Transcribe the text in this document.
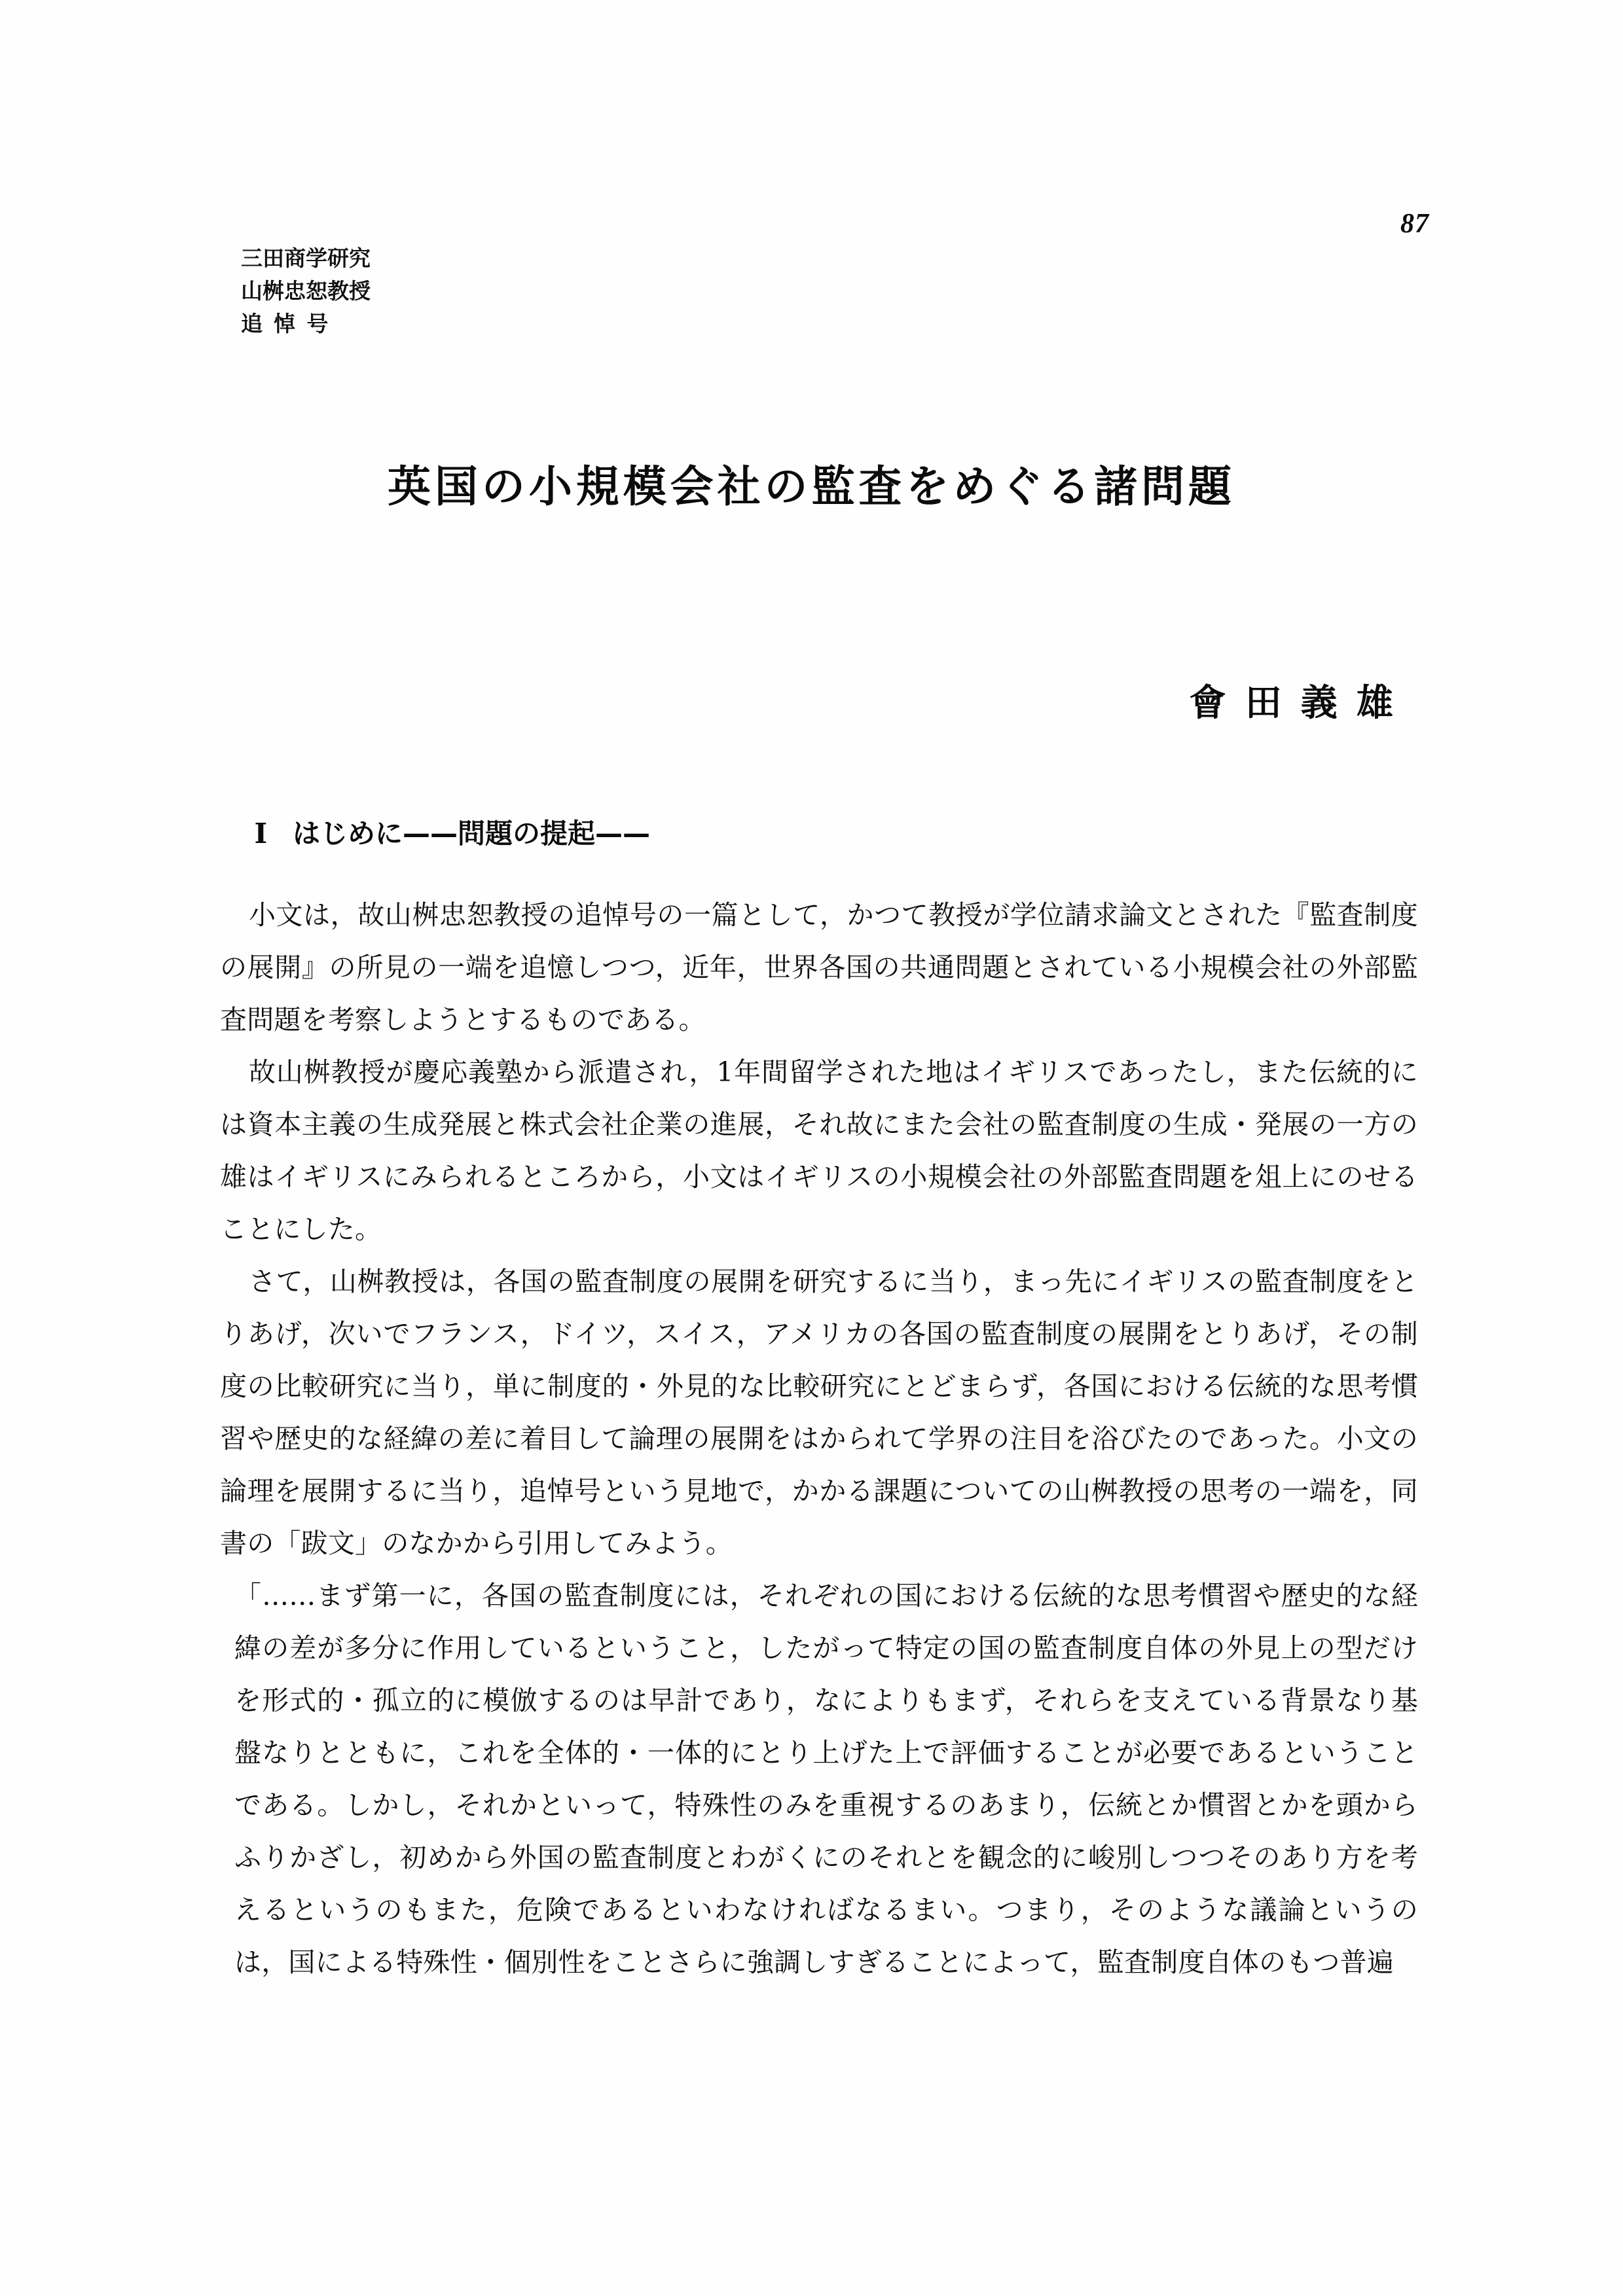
87
三田商学研究
山桝忠恕教授
追悼号
英国の小規模会社の監査をめぐる諸問題
會田義雄

Ⅰ	はじめに——問題の提起——

小文は，故山桝忠恕教授の追悼号の一篇として，かつて教授が学位請求論文とされた『監査制度
の展開』の所見の一端を追憶しつつ，近年，世界各国の共通問題とされている小規模会社の外部監
査問題を考察しようとするものである。
故山桝教授が慶応義塾から派遣され，1年間留学された地はイギリスであったし，また伝統的に
は資本主義の生成発展と株式会社企業の進展，それ故にまた会社の監査制度の生成・発展の一方の
雄はイギリスにみられるところから，小文はイギリスの小規模会社の外部監査問題を俎上にのせる
ことにした。
さて，山桝教授は，各国の監査制度の展開を研究するに当り，まっ先にイギリスの監査制度をと
りあげ，次いでフランス，ドイツ，スイス，アメリカの各国の監査制度の展開をとりあげ，その制
度の比較研究に当り，単に制度的・外見的な比較研究にとどまらず，各国における伝統的な思考慣
習や歴史的な経緯の差に着目して論理の展開をはかられて学界の注目を浴びたのであった。小文の
論理を展開するに当り，追悼号という見地で，かかる課題についての山桝教授の思考の一端を，同
書の「跋文」のなかから引用してみよう。
「……まず第一に，各国の監査制度には，それぞれの国における伝統的な思考慣習や歴史的な経
緯の差が多分に作用しているということ，したがって特定の国の監査制度自体の外見上の型だけ
を形式的・孤立的に模倣するのは早計であり，なによりもまず，それらを支えている背景なり基
盤なりとともに，これを全体的・一体的にとり上げた上で評価することが必要であるということ
である。しかし，それかといって，特殊性のみを重視するのあまり，伝統とか慣習とかを頭から
ふりかざし，初めから外国の監査制度とわがくにのそれとを観念的に峻別しつつそのあり方を考
えるというのもまた，危険であるといわなければなるまい。つまり，そのような議論というの
は，国による特殊性・個別性をことさらに強調しすぎることによって，監査制度自体のもつ普遍
